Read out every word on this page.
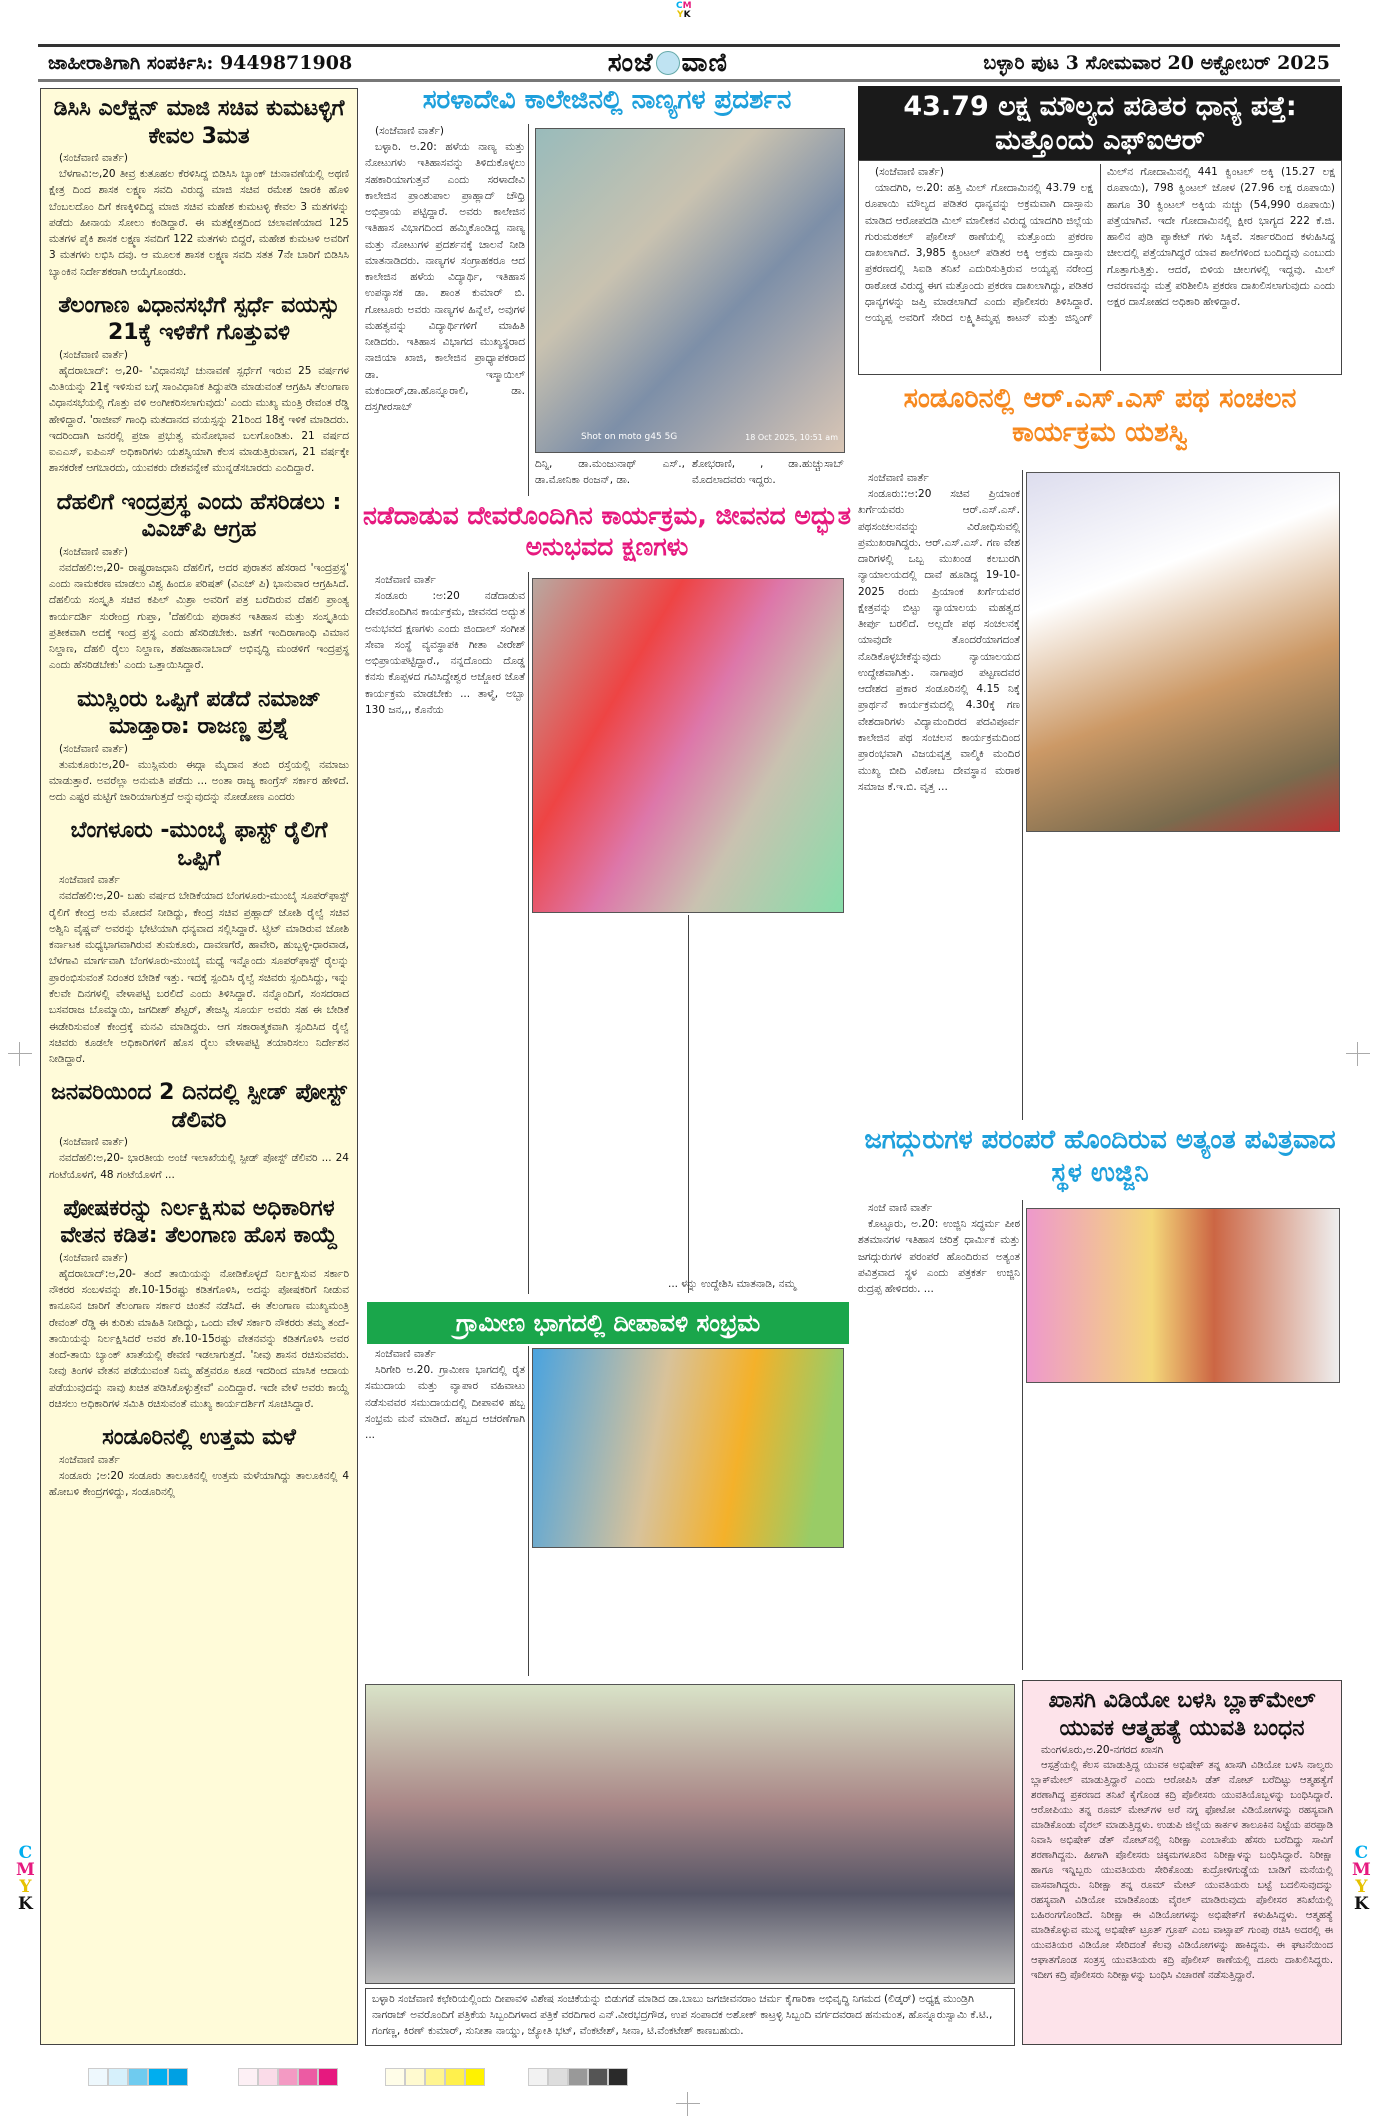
CM
YK
ಜಾಹೀರಾತಿಗಾಗಿ ಸಂಪರ್ಕಿಸಿ: 9449871908	ಸಂಜೆ ವಾಣಿ	ಬಳ್ಳಾರಿ ಪುಟ 3 ಸೋಮವಾರ 20 ಅಕ್ಟೋಬರ್ 2025
ಡಿಸಿಸಿ ಎಲೆಕ್ಷನ್ ಮಾಜಿ ಸಚಿವ ಕುಮಟಳ್ಳಿಗೆ ಕೇವಲ 3ಮತ
(ಸಂಜೆವಾಣಿ ವಾರ್ತೆ)
ಬೆಳಗಾವಿ:ಅ,20 ತೀವ್ರ ಕುತೂಹಲ ಕೆರಳಿಸಿದ್ದ ಬಿಡಿಸಿಸಿ ಬ್ಯಾಂಕ್ ಚುನಾವಣೆಯಲ್ಲಿ ಅಥಣಿ ಕ್ಷೇತ್ರ ದಿಂದ ಶಾಸಕ ಲಕ್ಷ್ಮಣ ಸವದಿ ವಿರುದ್ಧ ಮಾಜಿ ಸಚಿವ ರಮೇಶ ಜಾರಕಿ ಹೊಳಿ ಬೆಂಬಲದೊಂ ದಿಗೆ ಕಣಕ್ಕಿಳಿದಿದ್ದ ಮಾಜಿ ಸಚಿವ ಮಹೇಶ ಕುಮಟಳ್ಳಿ ಕೇವಲ 3 ಮತಗಳನ್ನು ಪಡೆದು ಹೀನಾಯ ಸೋಲು ಕಂಡಿದ್ದಾರೆ. ಈ ಮತಕ್ಷೇತ್ರದಿಂದ ಚಲಾವಣೆಯಾದ 125 ಮತಗಳ ಪೈಕಿ ಶಾಸಕ ಲಕ್ಷ್ಮಣ ಸವದಿಗೆ 122 ಮತಗಳು ಬಿದ್ದರೆ, ಮಹೇಶ ಕುಮಟಳಿ ಅವರಿಗೆ 3 ಮತಗಳು ಲಭಿಸಿ ದವು. ಆ ಮೂಲಕ ಶಾಸಕ ಲಕ್ಷ್ಮಣ ಸವದಿ ಸತತ 7ನೇ ಬಾರಿಗೆ ಬಿಡಿಸಿಸಿ ಬ್ಯಾಂಕಿನ ನಿರ್ದೇಶಕರಾಗಿ ಆಯ್ಕೆಗೊಂಡರು.
ತೆಲಂಗಾಣ ವಿಧಾನಸಭೆಗೆ ಸ್ಪರ್ಧೆ ವಯಸ್ಸು 21ಕ್ಕೆ ಇಳಿಕೆಗೆ ಗೊತ್ತುವಳಿ
(ಸಂಜೆವಾಣಿ ವಾರ್ತೆ)
ಹೈದರಾಬಾದ್: ಅ,20- 'ವಿಧಾನಸಭೆ ಚುನಾವಣೆ ಸ್ಪರ್ಧೆಗೆ ಇರುವ 25 ವರ್ಷಗಳ ಮಿತಿಯನ್ನು 21ಕ್ಕೆ ಇಳಿಸುವ ಬಗ್ಗೆ ಸಾಂವಿಧಾನಿಕ ತಿದ್ದುಪಡಿ ಮಾಡುವಂತೆ ಆಗ್ರಹಿಸಿ ತೆಲಂಗಾಣ ವಿಧಾನಸಭೆಯಲ್ಲಿ ಗೊತ್ತು ವಳಿ ಅಂಗೀಕರಿಸಲಾಗುವುದು' ಎಂದು ಮುಖ್ಯ ಮಂತ್ರಿ ರೇವಂತ ರೆಡ್ಡಿ ಹೇಳಿದ್ದಾರೆ. 'ರಾಜೀವ್ ಗಾಂಧಿ ಮತದಾನದ ವಯಸ್ಸನ್ನು 21ರಿಂದ 18ಕ್ಕೆ ಇಳಿಕೆ ಮಾಡಿದರು. ಇದರಿಂದಾಗಿ ಜನರಲ್ಲಿ ಪ್ರಜಾ ಪ್ರಭುತ್ವ ಮನೋಭಾವ ಬಲಗೊಂಡಿತು. 21 ವರ್ಷದ ಐಎಎಸ್, ಐಪಿಎಸ್ ಅಧಿಕಾರಿಗಳು ಯಶಸ್ವಿಯಾಗಿ ಕೆಲಸ ಮಾಡುತ್ತಿರುವಾಗ, 21 ವರ್ಷಕ್ಕೇ ಶಾಸಕರೇಕೆ ಆಗಬಾರದು, ಯುವಕರು ದೇಶವನ್ನೇಕೆ ಮುನ್ನಡೆಸಬಾರದು ಎಂದಿದ್ದಾರೆ.
ದೆಹಲಿಗೆ ಇಂದ್ರಪ್ರಸ್ಥ ಎಂದು ಹೆಸರಿಡಲು : ವಿಎಚ್‌ಪಿ ಆಗ್ರಹ
(ಸಂಜೆವಾಣಿ ವಾರ್ತೆ)
ನವದೆಹಲಿ:ಅ,20- ರಾಷ್ಟ್ರರಾಜಧಾನಿ ದೆಹಲಿಗೆ, ಅದರ ಪುರಾತನ ಹೆಸರಾದ 'ಇಂದ್ರಪ್ರಸ್ಥ' ಎಂದು ನಾಮಕರಣ ಮಾಡಲು ವಿಶ್ವ ಹಿಂದೂ ಪರಿಷತ್ (ವಿಎಚ್ ಪಿ) ಭಾನುವಾರ ಆಗ್ರಹಿಸಿದೆ. ದೆಹಲಿಯ ಸಂಸ್ಕೃತಿ ಸಚಿವ ಕಪಿಲ್ ಮಿಶ್ರಾ ಅವರಿಗೆ ಪತ್ರ ಬರೆದಿರುವ ದೆಹಲಿ ಪ್ರಾಂತ್ಯ ಕಾರ್ಯದರ್ಶಿ ಸುರೇಂದ್ರ ಗುಪ್ತಾ, 'ದೆಹಲಿಯ ಪುರಾತನ ಇತಿಹಾಸ ಮತ್ತು ಸಂಸ್ಕೃತಿಯ ಪ್ರತೀಕವಾಗಿ ಅದಕ್ಕೆ ಇಂದ್ರ ಪ್ರಸ್ಥ ಎಂದು ಹೆಸರಿಡಬೇಕು. ಜತೆಗೆ ಇಂದಿರಾಗಾಂಧಿ ವಿಮಾನ ನಿಲ್ದಾಣ, ದೆಹಲಿ ರೈಲು ನಿಲ್ದಾಣ, ಶಹಜಹಾನಾಬಾದ್ ಅಭಿವೃದ್ಧಿ ಮಂಡಳಿಗೆ ಇಂದ್ರಪ್ರಸ್ಥ ಎಂದು ಹೆಸರಿಡಬೇಕು' ಎಂದು ಒತ್ತಾಯಿಸಿದ್ದಾರೆ.
ಮುಸ್ಲಿಂರು ಒಪ್ಪಿಗೆ ಪಡೆದೆ ನಮಾಜ್ ಮಾಡ್ತಾರಾ: ರಾಜಣ್ಣ ಪ್ರಶ್ನೆ
(ಸಂಜೆವಾಣಿ ವಾರ್ತೆ)
ತುಮಕೂರು:ಅ,20- ಮುಸ್ಲಿಮರು ಈದ್ಗಾ ಮೈದಾನ ತಂಬಿ ರಸ್ತೆಯಲ್ಲಿ ನಮಾಜು ಮಾಡುತ್ತಾರೆ. ಅವರೆಲ್ಲಾ ಅನುಮತಿ ಪಡೆದು ... ಅಂತಾ ರಾಜ್ಯ ಕಾಂಗ್ರೆಸ್ ಸರ್ಕಾರ ಹೇಳಿದೆ. ಅದು ಎಷ್ಟರ ಮಟ್ಟಿಗೆ ಜಾರಿಯಾಗುತ್ತದೆ ಅನ್ನುವುದನ್ನು ನೋಡೋಣ ಎಂದರು
ಬೆಂಗಳೂರು -ಮುಂಬೈ ಫಾಸ್ಟ್ ರೈಲಿಗೆ ಒಪ್ಪಿಗೆ
ಸಂಜೆವಾಣಿ ವಾರ್ತೆ
ನವದೆಹಲಿ:ಅ,20- ಬಹು ವರ್ಷದ ಬೇಡಿಕೆಯಾದ ಬೆಂಗಳೂರು-ಮುಂಬೈ ಸೂಪರ್‌ಫಾಸ್ಟ್ ರೈಲಿಗೆ ಕೇಂದ್ರ ಅನು ಮೋದನೆ ನೀಡಿದ್ದು, ಕೇಂದ್ರ ಸಚಿವ ಪ್ರಹ್ಲಾದ್ ಜೋಶಿ ರೈಲ್ವೆ ಸಚಿವ ಅಶ್ವಿನಿ ವೈಷ್ಣವ್ ಅವರನ್ನು ಭೇಟಿಯಾಗಿ ಧನ್ಯವಾದ ಸಲ್ಲಿಸಿದ್ದಾರೆ. ಟ್ವಿಟ್ ಮಾಡಿರುವ ಜೋಶಿ ಕರ್ನಾಟಕ ಮಧ್ಯಭಾಗವಾಗಿರುವ ತುಮಕೂರು, ದಾವಣಗೆರೆ, ಹಾವೇರಿ, ಹುಬ್ಬಳ್ಳಿ-ಧಾರವಾಡ, ಬೆಳಗಾವಿ ಮಾರ್ಗವಾಗಿ ಬೆಂಗಳೂರು-ಮುಂಬೈ ಮಧ್ಯೆ ಇನ್ನೊಂದು ಸೂಪರ್‌ಫಾಸ್ಟ್ ರೈಲನ್ನು ಪ್ರಾರಂಭಿಸುವಂತೆ ನಿರಂತರ ಬೇಡಿಕೆ ಇತ್ತು. ಇದಕ್ಕೆ ಸ್ಪಂದಿಸಿ ರೈಲ್ವೆ ಸಚಿವರು ಸ್ಪಂದಿಸಿದ್ದು, ಇನ್ನು ಕೆಲವೇ ದಿನಗಳಲ್ಲಿ ವೇಳಾಪಟ್ಟಿ ಬರಲಿದೆ ಎಂದು ತಿಳಿಸಿದ್ದಾರೆ. ನನ್ನೊಂದಿಗೆ, ಸಂಸದರಾದ ಬಸವರಾಜ ಬೊಮ್ಮಾಯಿ, ಜಗದೀಶ್ ಶೆಟ್ಟರ್, ತೇಜಸ್ವಿ ಸೂರ್ಯ ಅವರು ಸಹ ಈ ಬೇಡಿಕೆ ಈಡೇರಿಸುವಂತೆ ಕೇಂದ್ರಕ್ಕೆ ಮನವಿ ಮಾಡಿದ್ದರು. ಆಗ ಸಕಾರಾತ್ಮಕವಾಗಿ ಸ್ಪಂದಿಸಿದ ರೈಲ್ವೆ ಸಚಿವರು ಕೂಡಲೇ ಅಧಿಕಾರಿಗಳಿಗೆ ಹೊಸ ರೈಲು ವೇಳಾಪಟ್ಟಿ ತಯಾರಿಸಲು ನಿರ್ದೇಶನ ನೀಡಿದ್ದಾರೆ.
ಜನವರಿಯಿಂದ 2 ದಿನದಲ್ಲಿ ಸ್ಪೀಡ್ ಪೋಸ್ಟ್ ಡೆಲಿವರಿ
(ಸಂಜೆವಾಣಿ ವಾರ್ತೆ)
ನವದೆಹಲಿ:ಅ,20- ಭಾರತೀಯ ಅಂಚೆ ಇಲಾಖೆಯಲ್ಲಿ ಸ್ಪೀಡ್ ಪೋಸ್ಟ್ ಡೆಲಿವರಿ ... 24 ಗಂಟೆಯೊಳಗೆ, 48 ಗಂಟೆಯೊಳಗೆ ...
ಪೋಷಕರನ್ನು ನಿರ್ಲಕ್ಷಿಸುವ ಅಧಿಕಾರಿಗಳ ವೇತನ ಕಡಿತ: ತೆಲಂಗಾಣ ಹೊಸ ಕಾಯ್ದೆ
(ಸಂಜೆವಾಣಿ ವಾರ್ತೆ)
ಹೈದರಾಬಾದ್:ಅ,20- ತಂದೆ ತಾಯಿಯನ್ನು ನೋಡಿಕೊಳ್ಳದೆ ನಿರ್ಲಕ್ಷಿಸುವ ಸರ್ಕಾರಿ ನೌಕರರ ಸಂಬಳವನ್ನು ಶೇ.10-15ರಷ್ಟು ಕಡಿತಗೊಳಿಸಿ, ಅದನ್ನು ಪೋಷಕರಿಗೆ ನೀಡುವ ಕಾನೂನಿನ ಜಾರಿಗೆ ತೆಲಂಗಾಣ ಸರ್ಕಾರ ಚಿಂತನೆ ನಡೆಸಿದೆ. ಈ ತೆಲಂಗಾಣ ಮುಖ್ಯಮಂತ್ರಿ ರೇವಂತ್ ರೆಡ್ಡಿ ಈ ಕುರಿತು ಮಾಹಿತಿ ನೀಡಿದ್ದು, ಒಂದು ವೇಳೆ ಸರ್ಕಾರಿ ನೌಕರರು ತಮ್ಮ ತಂದೆ-ತಾಯಿಯನ್ನು ನಿರ್ಲಕ್ಷಿಸಿದರೆ ಅವರ ಶೇ.10-15ರಷ್ಟು ವೇತನವನ್ನು ಕಡಿತಗೊಳಿಸಿ ಅವರ ತಂದೆ-ತಾಯಿ ಬ್ಯಾಂಕ್ ಖಾತೆಯಲ್ಲಿ ಠೇವಣಿ ಇಡಲಾಗುತ್ತದೆ. 'ನೀವು ಶಾಸನ ರಚಿಸುವವರು. ನೀವು ತಿಂಗಳ ವೇತನ ಪಡೆಯುವಂತೆ ನಿಮ್ಮ ಹೆತ್ತವರೂ ಕೂಡ ಇದರಿಂದ ಮಾಸಿಕ ಆದಾಯ ಪಡೆಯುವುದನ್ನು ನಾವು ಖಚಿತ ಪಡಿಸಿಕೊಳ್ಳುತ್ತೇವೆ' ಎಂದಿದ್ದಾರೆ. ಇದೇ ವೇಳೆ ಅವರು ಕಾಯ್ದೆ ರಚಿಸಲು ಅಧಿಕಾರಿಗಳ ಸಮಿತಿ ರಚಿಸುವಂತೆ ಮುಖ್ಯ ಕಾರ್ಯದರ್ಶಿಗೆ ಸೂಚಿಸಿದ್ದಾರೆ.
ಸಂಡೂರಿನಲ್ಲಿ ಉತ್ತಮ ಮಳೆ
ಸಂಜೆವಾಣಿ ವಾರ್ತೆ
ಸಂಡೂರು ;ಅ:20 ಸಂಡೂರು ತಾಲೂಕಿನಲ್ಲಿ ಉತ್ತಮ ಮಳೆಯಾಗಿದ್ದು ತಾಲೂಕಿನಲ್ಲಿ 4 ಹೋಬಳಿ ಕೇಂದ್ರಗಳಿದ್ದು, ಸಂಡೂರಿನಲ್ಲಿ
ಸರಳಾದೇವಿ ಕಾಲೇಜಿನಲ್ಲಿ ನಾಣ್ಯಗಳ ಪ್ರದರ್ಶನ
(ಸಂಜೆವಾಣಿ ವಾರ್ತೆ)
ಬಳ್ಳಾರಿ. ಅ.20: ಹಳೆಯ ನಾಣ್ಯ ಮತ್ತು ನೋಟುಗಳು ಇತಿಹಾಸವನ್ನು ತಿಳಿದುಕೊಳ್ಳಲು ಸಹಕಾರಿಯಾಗುತ್ತವೆ ಎಂದು ಸರಳಾದೇವಿ ಕಾಲೇಜಿನ ಪ್ರಾಂಶುಪಾಲ ಪ್ರಾಹ್ಲಾದ್ ಚೌಧ್ರಿ ಅಭಿಪ್ರಾಯ ಪಟ್ಟಿದ್ದಾರೆ. ಅವರು ಕಾಲೇಜಿನ ಇತಿಹಾಸ ವಿಭಾಗದಿಂದ ಹಮ್ಮಿಕೊಂಡಿದ್ದ ನಾಣ್ಯ ಮತ್ತು ನೋಟುಗಳ ಪ್ರದರ್ಶನಕ್ಕೆ ಚಾಲನೆ ನೀಡಿ ಮಾತನಾಡಿದರು. ನಾಣ್ಯಗಳ ಸಂಗ್ರಾಹಕರೂ ಆದ ಕಾಲೇಜಿನ ಹಳೆಯ ವಿದ್ಯಾರ್ಥಿ, ಇತಿಹಾಸ ಉಪನ್ಯಾಸಕ ಡಾ. ಶಾಂತ ಕುಮಾರ್ ಬಿ. ಗೋಟೂರು ಅವರು ನಾಣ್ಯಗಳ ಹಿನ್ನೆಲೆ, ಅವುಗಳ ಮಹತ್ವವನ್ನು ವಿದ್ಯಾರ್ಥಿಗಳಿಗೆ ಮಾಹಿತಿ ನೀಡಿದರು. ಇತಿಹಾಸ ವಿಭಾಗದ ಮುಖ್ಯಸ್ಥರಾದ ನಾಜಿಯಾ ಖಾಜಿ, ಕಾಲೇಜಿನ ಪ್ರಾಧ್ಯಾಪಕರಾದ ಡಾ. ಇಸ್ಮಾಯಿಲ್ ಮಕಂದಾರ್,ಡಾ.ಹೊನ್ನೂರಾಲಿ, ಡಾ. ದಸ್ತಗೀರಸಾಬ್
Shot on moto g45 5G	18 Oct 2025, 10:51 am
ದಿನ್ನಿ, ಡಾ.ಮಂಜುನಾಥ್ ಎಸ್., ಡಾ.ಮೋನಿಕಾ ರಂಜನ್, ಡಾ.
ಶೋಭರಾಣಿ, , ಡಾ.ಹುಚ್ಚುಸಾಬ್ ಮೊದಲಾದವರು ಇದ್ದರು.
ನಡೆದಾಡುವ ದೇವರೊಂದಿಗಿನ ಕಾರ್ಯಕ್ರಮ, ಜೀವನದ ಅದ್ಭುತ ಅನುಭವದ ಕ್ಷಣಗಳು
ಸಂಜೆವಾಣಿ ವಾರ್ತೆ
ಸಂಡೂರು :ಅ:20 ನಡೆದಾಡುವ ದೇವರೊಂದಿಗಿನ ಕಾರ್ಯಕ್ರಮ, ಜೀವನದ ಅದ್ಭುತ ಅನುಭವದ ಕ್ಷಣಗಳು ಎಂದು ಜಿಂದಾಲ್ ಸಂಗೀತ ಸೇವಾ ಸಂಸ್ಥೆ ವ್ಯವಸ್ಥಾಪಕಿ ಗೀತಾ ವೀರೇಶ್ ಅಭಿಪ್ರಾಯಪಟ್ಟಿದ್ದಾರೆ., ನನ್ನದೊಂದು ದೊಡ್ಡ ಕನಸು ಕೊಪ್ಪಳದ ಗವಿಸಿದ್ದೇಶ್ವರ ಅಜ್ಜೋರ ಜೊತೆ ಕಾರ್ಯಕ್ರಮ ಮಾಡಬೇಕು ... ತಾಳ್ಮೆ, ಅಬ್ಬಾ 130 ಜನ,,, ಕೊನೆಯ
... ಳನ್ನು ಉದ್ದೇಶಿಸಿ ಮಾತನಾಡಿ, ನಮ್ಮ
ಗ್ರಾಮೀಣ ಭಾಗದಲ್ಲಿ ದೀಪಾವಳಿ ಸಂಭ್ರಮ
ಸಂಜೆವಾಣಿ ವಾರ್ತೆ
ಸಿರಿಗೇರಿ ಅ.20. ಗ್ರಾಮೀಣ ಭಾಗದಲ್ಲಿ ರೈತ ಸಮುದಾಯ ಮತ್ತು ವ್ಯಾಪಾರ ವಹಿವಾಟು ನಡೆಸುವವರ ಸಮುದಾಯದಲ್ಲಿ ದೀಪಾವಳಿ ಹಬ್ಬ ಸಂಭ್ರಮ ಮನೆ ಮಾಡಿದೆ. ಹಬ್ಬದ ಆಚರಣೆಗಾಗಿ ...
43.79 ಲಕ್ಷ ಮೌಲ್ಯದ ಪಡಿತರ ಧಾನ್ಯ ಪತ್ತೆ: ಮತ್ತೊಂದು ಎಫ್‌ಐಆರ್
(ಸಂಜೆವಾಣಿ ವಾರ್ತೆ)
ಯಾದಗಿರಿ, ಅ.20: ಹತ್ತಿ ಮಿಲ್ ಗೋದಾಮಿನಲ್ಲಿ 43.79 ಲಕ್ಷ ರೂಪಾಯಿ ಮೌಲ್ಯದ ಪಡಿತರ ಧಾನ್ಯವನ್ನು ಅಕ್ರಮವಾಗಿ ದಾಸ್ತಾನು ಮಾಡಿದ ಆರೋಪದಡಿ ಮಿಲ್ ಮಾಲೀಕನ ವಿರುದ್ಧ ಯಾದಗಿರಿ ಜಿಲ್ಲೆಯ ಗುರುಮಠಕಲ್ ಪೊಲೀಸ್ ಠಾಣೆಯಲ್ಲಿ ಮತ್ತೊಂದು ಪ್ರಕರಣ ದಾಖಲಾಗಿದೆ. 3,985 ಕ್ವಿಂಟಲ್ ಪಡಿತರ ಅಕ್ಕಿ ಅಕ್ರಮ ದಾಸ್ತಾನು ಪ್ರಕರಣದಲ್ಲಿ ಸಿಐಡಿ ತನಿಖೆ ಎದುರಿಸುತ್ತಿರುವ ಅಯ್ಯಪ್ಪ ನರೇಂದ್ರ ರಾಠೋಡ ವಿರುದ್ಧ ಈಗ ಮತ್ತೊಂದು ಪ್ರಕರಣ ದಾಖಲಾಗಿದ್ದು, ಪಡಿತರ ಧಾನ್ಯಗಳನ್ನು ಜಪ್ತಿ ಮಾಡಲಾಗಿದೆ ಎಂದು ಪೊಲೀಸರು ತಿಳಿಸಿದ್ದಾರೆ. ಅಯ್ಯಪ್ಪ ಅವರಿಗೆ ಸೇರಿದ ಲಕ್ಷ್ಮಿತಿಮ್ಮಪ್ಪ ಕಾಟನ್ ಮತ್ತು ಜಿನ್ನಿಂಗ್ ಮಿಲ್‌ನ ಗೋದಾಮಿನಲ್ಲಿ 441 ಕ್ವಿಂಟಲ್ ಅಕ್ಕಿ (15.27 ಲಕ್ಷ ರೂಪಾಯಿ), 798 ಕ್ವಿಂಟಲ್ ಜೋಳ (27.96 ಲಕ್ಷ ರೂಪಾಯಿ) ಹಾಗೂ 30 ಕ್ವಿಂಟಲ್ ಅಕ್ಕಿಯ ನುಚ್ಚು (54,990 ರೂಪಾಯಿ) ಪತ್ತೆಯಾಗಿವೆ. ಇದೇ ಗೋದಾಮಿನಲ್ಲಿ ಕ್ಷೀರ ಭಾಗ್ಯದ 222 ಕೆ.ಜಿ. ಹಾಲಿನ ಪುಡಿ ಪ್ಯಾಕೇಟ್ ಗಳು ಸಿಕ್ಕಿವೆ. ಸರ್ಕಾರದಿಂದ ಕಳುಹಿಸಿದ್ದ ಚೀಲದಲ್ಲಿ ಪತ್ತೆಯಾಗಿದ್ದರೆ ಯಾವ ಶಾಲೆಗಳಿಂದ ಬಂದಿದ್ದವು ಎಂಬುದು ಗೊತ್ತಾಗುತ್ತಿತ್ತು. ಆದರೆ, ಬಿಳಿಯ ಚೀಲಗಳಲ್ಲಿ ಇದ್ದವು. ಮಿಲ್ ಆವರಣವನ್ನು ಮತ್ತೆ ಪರಿಶೀಲಿಸಿ ಪ್ರಕರಣ ದಾಖಲಿಸಲಾಗುವುದು ಎಂದು ಅಕ್ಷರ ದಾಸೋಹದ ಅಧಿಕಾರಿ ಹೇಳಿದ್ದಾರೆ.
ಸಂಡೂರಿನಲ್ಲಿ ಆರ್.ಎಸ್.ಎಸ್ ಪಥ ಸಂಚಲನ ಕಾರ್ಯಕ್ರಮ ಯಶಸ್ವಿ
ಸಂಜೆವಾಣಿ ವಾರ್ತೆ
ಸಂಡೂರು::ಅ:20 ಸಚಿವ ಪ್ರಿಯಾಂಕ ಖರ್ಗೆಯವರು ಆರ್.ಎಸ್.ಎಸ್. ಪಥಸಂಚಲನವನ್ನು ವಿರೋಧಿಸುವಲ್ಲಿ ಪ್ರಮುಖರಾಗಿದ್ದರು. ಆರ್.ಎಸ್.ಎಸ್. ಗಣ ವೇಶ ದಾರಿಗಳಲ್ಲಿ ಒಬ್ಬ ಮುಖಂಡ ಕಲಬುರಗಿ ನ್ಯಾಯಾಲಯದಲ್ಲಿ ದಾವೆ ಹೂಡಿದ್ದ 19-10-2025 ರಂದು ಪ್ರಿಯಾಂಕ ಖರ್ಗೆಯವರ ಕ್ಷೇತ್ರವನ್ನು ಬಿಟ್ಟು ನ್ಯಾಯಾಲಯ ಮಹತ್ವದ ತೀರ್ಪು ಬರಲಿದೆ. ಅಲ್ಲದೇ ಪಥ ಸಂಚಲನಕ್ಕೆ ಯಾವುದೇ ತೊಂದರೆಯಾಗದಂತೆ ನೊಡಿಕೊಳ್ಳಬೇಕೆನ್ನುವುದು ನ್ಯಾಯಾಲಯದ ಉದ್ದೇಶವಾಗಿತ್ತು. ನಾಗಾಪುರ ಪಟ್ಟಣದವರ ಆದೇಶದ ಪ್ರಕಾರ ಸಂಡೂರಿನಲ್ಲಿ 4.15 ನಿಕ್ಕೆ ಪ್ರಾರ್ಥನೆ ಕಾರ್ಯಕ್ರಮದಲ್ಲಿ 4.30ಕ್ಕೆ ಗಣ ವೇಶದಾರಿಗಳು ವಿದ್ಯಾಮಂದಿರದ ಪದವಿಪೂರ್ವ ಕಾಲೇಜಿನ ಪಥ ಸಂಚಲನ ಕಾರ್ಯಕ್ರಮದಿಂದ ಪ್ರಾರಂಭವಾಗಿ ವಿಜಯವೃತ್ತ ವಾಲ್ಮಿಕಿ ಮಂದಿರ ಮುಖ್ಯ ಬೀದಿ ವಿಠೋಬ ದೇವಸ್ಥಾನ ಮರಾಠ ಸಮಾಜ ಕೆ.ಇ.ಬಿ. ವೃತ್ತ ...
ಜಗದ್ಗುರುಗಳ ಪರಂಪರೆ ಹೊಂದಿರುವ ಅತ್ಯಂತ ಪವಿತ್ರವಾದ ಸ್ಥಳ ಉಜ್ಜಿನಿ
ಸಂಜೆ ವಾಣಿ ವಾರ್ತೆ
ಕೊಟ್ಟೂರು, ಅ.20: ಉಜ್ಜಿನಿ ಸದ್ಧರ್ಮ ಪೀಠ ಶತಮಾನಗಳ ಇತಿಹಾಸ ಚರಿತ್ರೆ ಧಾರ್ಮಿಕ ಮತ್ತು ಜಗದ್ಗುರುಗಳ ಪರಂಪರೆ ಹೊಂದಿರುವ ಅತ್ಯಂತ ಪವಿತ್ರವಾದ ಸ್ಥಳ ಎಂದು ಪತ್ರಕರ್ತ ಉಜ್ಜಿನಿ ರುದ್ರಪ್ಪ ಹೇಳಿದರು. ...
ಬಳ್ಳಾರಿ ಸಂಜೆವಾಣಿ ಕಛೇರಿಯಲ್ಲಿಂದು ದೀಪಾವಳಿ ವಿಶೇಷ ಸಂಚಿಕೆಯನ್ನು ಬಿಡುಗಡೆ ಮಾಡಿದ ಡಾ.ಬಾಬು ಜಗಜೀವನರಾಂ ಚರ್ಮ ಕೈಗಾರಿಕಾ ಅಭಿವೃದ್ಧಿ ನಿಗಮದ (ಲಿಡ್ಕರ್) ಅಧ್ಯಕ್ಷ ಮುಂಡ್ರಿಗಿ ನಾಗರಾಜ್ ಅವರೊಂದಿಗೆ ಪತ್ರಿಕೆಯ ಸಿಬ್ಬಂದಿಗಳಾದ ಪತ್ರಿಕೆ ವರದಿಗಾರ ಎನ್.ವೀರಭದ್ರಗೌಡ, ಉಪ ಸಂಪಾದಕ ಅಶೋಕ್ ಕಾಟ್ರಳ್ಳಿ ಸಿಬ್ಬಂದಿ ವರ್ಗದವರಾದ ಹನುಮಂತ, ಹೊನ್ನೂರುಸ್ವಾಮಿ ಕೆ.ಟಿ., ಗಂಗಣ್ಣ, ಕಿರಣ್ ಕುಮಾರ್, ಸುನೀತಾ ನಾಯ್ಡು, ಜ್ಯೋತಿ ಭಟ್, ವೆಂಕಟೇಶ್, ಸೀನಾ, ಟಿ.ವೆಂಕಟೇಶ್ ಕಾಣಬಹುದು.
ಖಾಸಗಿ ವಿಡಿಯೋ ಬಳಸಿ ಬ್ಲಾಕ್‌ಮೇಲ್ ಯುವಕ ಆತ್ಮಹತ್ಯೆ ಯುವತಿ ಬಂಧನ
ಮಂಗಳೂರು,ಅ.20-ನಗರದ ಖಾಸಗಿ
ಆಸ್ಪತ್ರೆಯಲ್ಲಿ ಕೆಲಸ ಮಾಡುತ್ತಿದ್ದ ಯುವಕ ಅಭಿಷೇಕ್ ತನ್ನ ಖಾಸಗಿ ವಿಡಿಯೋ ಬಳಸಿ ನಾಲ್ವರು ಬ್ಲಾಕ್‌ಮೇಲ್ ಮಾಡುತ್ತಿದ್ದಾರೆ ಎಂದು ಆರೋಪಿಸಿ ಡೆತ್ ನೋಟ್ ಬರೆದಿಟ್ಟು ಆತ್ಮಹತ್ಯೆಗೆ ಶರಣಾಗಿದ್ದ ಪ್ರಕರಣದ ತನಿಖೆ ಕೈಗೊಂಡ ಕದ್ರಿ ಪೊಲೀಸರು ಯುವತಿಯೊಬ್ಬಳನ್ನು ಬಂಧಿಸಿದ್ದಾರೆ. ಆರೋಪಿಯು ತನ್ನ ರೂಮ್ ಮೇಟ್‌ಗಳ ಅರೆ ನಗ್ನ ಫೋಟೋ ವಿಡಿಯೋಗಳನ್ನು ರಹಸ್ಯವಾಗಿ ಮಾಡಿಕೊಂಡು ವೈರಲ್ ಮಾಡುತ್ತಿದ್ದಳು. ಉಡುಪಿ ಜಿಲ್ಲೆಯ ಕಾರ್ಕಳ ತಾಲೂಕಿನ ನಿಟ್ಟೆಯ ಪರಪ್ಪಾಡಿ ನಿವಾಸಿ ಅಭಿಷೇಕ್ ಡೆತ್ ನೋಟ್‌ನಲ್ಲಿ ನಿರೀಕ್ಷಾ ಎಂಬಾಕೆಯ ಹೆಸರು ಬರೆದಿದ್ದು ಸಾವಿಗೆ ಶರಣಾಗಿದ್ದನು. ಹೀಗಾಗಿ ಪೊಲೀಸರು ಚಿಕ್ಕಮಗಳೂರಿನ ನಿರೀಕ್ಷಾಳನ್ನು ಬಂಧಿಸಿದ್ದಾರೆ. ನಿರೀಕ್ಷಾ ಹಾಗೂ ಇನ್ನಿಬ್ಬರು ಯುವತಿಯರು ಸೇರಿಕೊಂಡು ಕುದ್ರೋಳಿಗುಡ್ಡೆಯ ಬಾಡಿಗೆ ಮನೆಯಲ್ಲಿ ವಾಸವಾಗಿದ್ದರು. ನಿರೀಕ್ಷಾ ತನ್ನ ರೂಮ್ ಮೇಟ್ ಯುವತಿಯರು ಬಟ್ಟೆ ಬದಲಿಸುವುದನ್ನು ರಹಸ್ಯವಾಗಿ ವಿಡಿಯೋ ಮಾಡಿಕೊಂಡು ವೈರಲ್ ಮಾಡಿರುವುದು ಪೊಲೀಸರ ತನಿಖೆಯಲ್ಲಿ ಬಹಿರಂಗಗೊಂಡಿದೆ. ನಿರೀಕ್ಷಾ ಈ ವಿಡಿಯೋಗಳನ್ನು ಅಭಿಷೇಕ್‌ಗೆ ಕಳುಹಿಸಿದ್ದಳು. ಆತ್ಮಹತ್ಯೆ ಮಾಡಿಕೊಳ್ಳುವ ಮುನ್ನ ಅಭಿಷೇಕ್ ಟ್ರೂತ್ ಗ್ರೂಪ್ ಎಂಬ ವಾಟ್ಸಾಪ್ ಗುಂಪು ರಚಿಸಿ ಅದರಲ್ಲಿ ಈ ಯುವತಿಯರ ವಿಡಿಯೋ ಸೇರಿದಂತೆ ಕೆಲವು ವಿಡಿಯೋಗಳನ್ನು ಹಾಕಿದ್ದನು. ಈ ಘಟನೆಯಿಂದ ಆಘಾತಗೊಂಡ ಸಂತ್ರಸ್ತ ಯುವತಿಯರು ಕದ್ರಿ ಪೊಲೀಸ್ ಠಾಣೆಯಲ್ಲಿ ದೂರು ದಾಖಲಿಸಿದ್ದರು. ಇದೀಗ ಕದ್ರಿ ಪೊಲೀಸರು ನಿರೀಕ್ಷಾಳನ್ನು ಬಂಧಿಸಿ ವಿಚಾರಣೆ ನಡೆಸುತ್ತಿದ್ದಾರೆ.
C
M
Y
K
C
M
Y
K
